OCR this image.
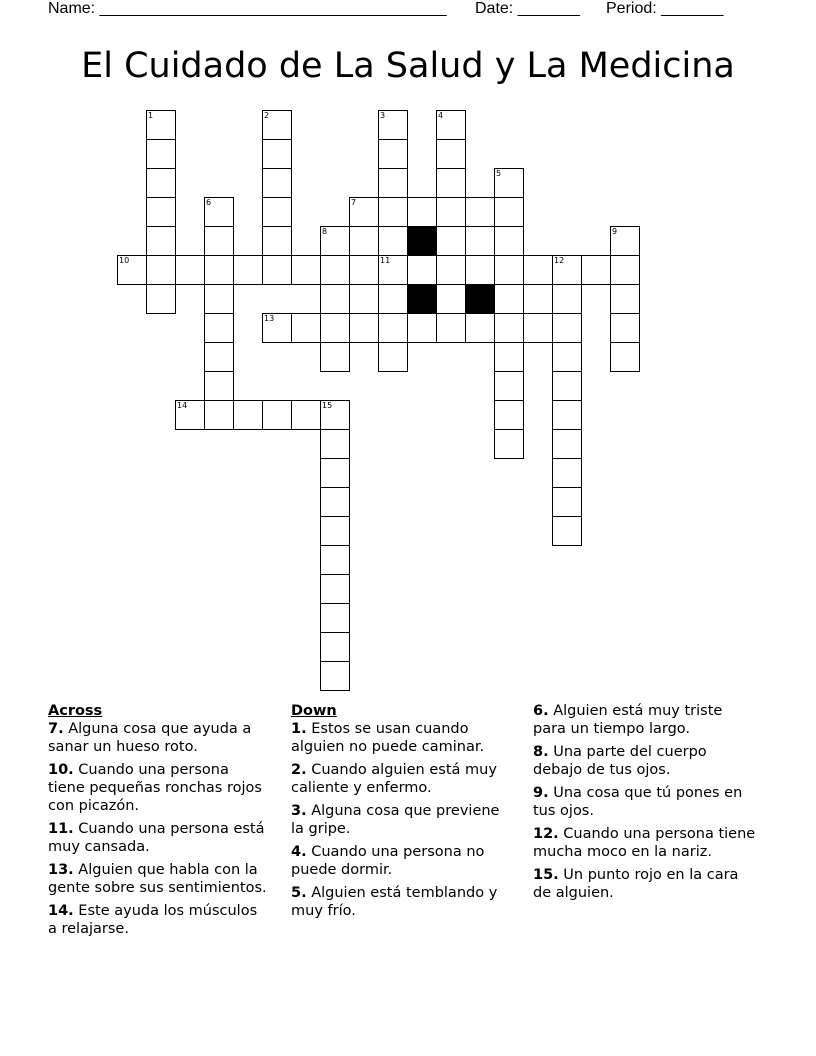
Name: _______________________________________ Date: _______ Period: _______
El Cuidado de La Salud y La Medicina
1	2	3
11
4
5
6
8	9
12
15
7
10
13
14
Across
7. Alguna cosa que ayuda a sanar un hueso roto.
10. Cuando una persona tiene pequeñas ronchas rojos con picazón.
11. Cuando una persona está muy cansada.
13. Alguien que habla con la gente sobre sus sentimientos.
14. Este ayuda los músculos a relajarse.
Down
1. Estos se usan cuando alguien no puede caminar.
2. Cuando alguien está muy caliente y enfermo.
3. Alguna cosa que previene la gripe.
4. Cuando una persona no puede dormir.
5. Alguien está temblando y muy frío.
6. Alguien está muy triste para un tiempo largo.
8. Una parte del cuerpo debajo de tus ojos.
9. Una cosa que tú pones en tus ojos.
12. Cuando una persona tiene mucha moco en la nariz.
15. Un punto rojo en la cara de alguien.
